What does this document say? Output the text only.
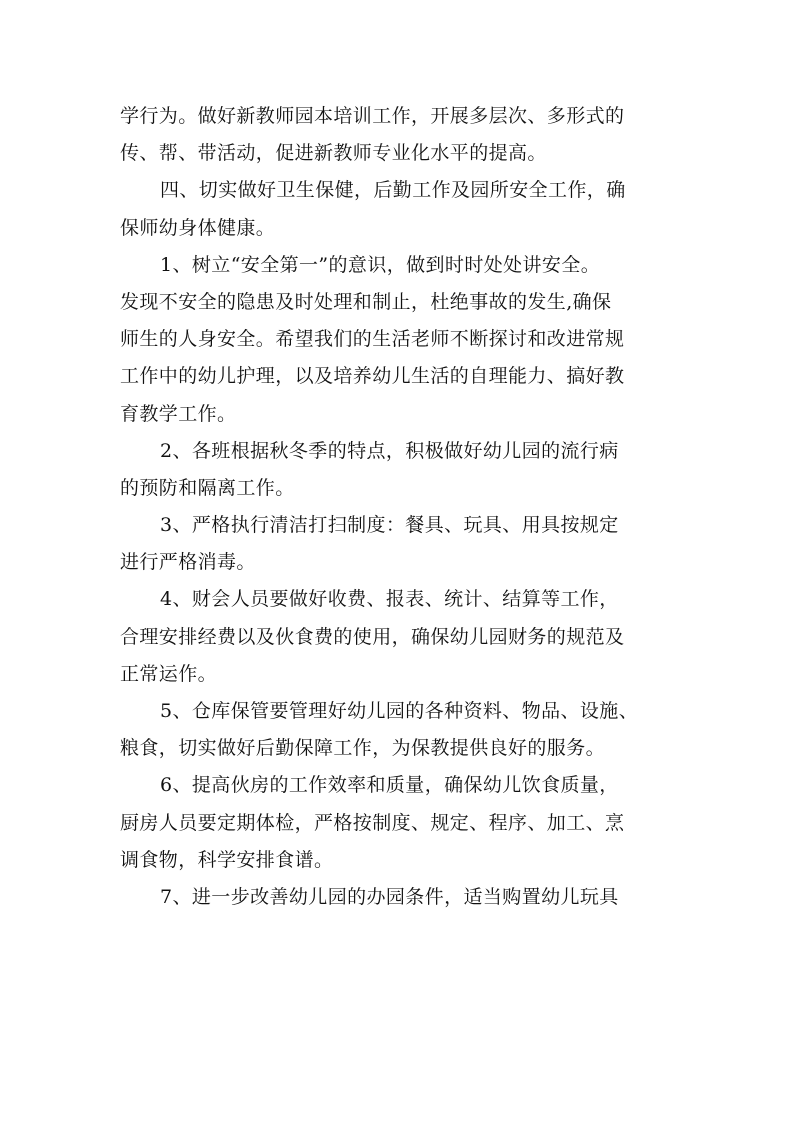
学行为。做好新教师园本培训工作，开展多层次、多形式的
传、帮、带活动，促进新教师专业化水平的提高。
四、切实做好卫生保健，后勤工作及园所安全工作，确
保师幼身体健康。
1、树立“安全第一”的意识，做到时时处处讲安全。
发现不安全的隐患及时处理和制止，杜绝事故的发生,确保
师生的人身安全。希望我们的生活老师不断探讨和改进常规
工作中的幼儿护理，以及培养幼儿生活的自理能力、搞好教
育教学工作。
2、各班根据秋冬季的特点，积极做好幼儿园的流行病
的预防和隔离工作。
3、严格执行清洁打扫制度：餐具、玩具、用具按规定
进行严格消毒。
4、财会人员要做好收费、报表、统计、结算等工作，
合理安排经费以及伙食费的使用，确保幼儿园财务的规范及
正常运作。
5、仓库保管要管理好幼儿园的各种资料、物品、设施、
粮食，切实做好后勤保障工作，为保教提供良好的服务。
6、提高伙房的工作效率和质量，确保幼儿饮食质量，
厨房人员要定期体检，严格按制度、规定、程序、加工、烹
调食物，科学安排食谱。
7、进一步改善幼儿园的办园条件，适当购置幼儿玩具
